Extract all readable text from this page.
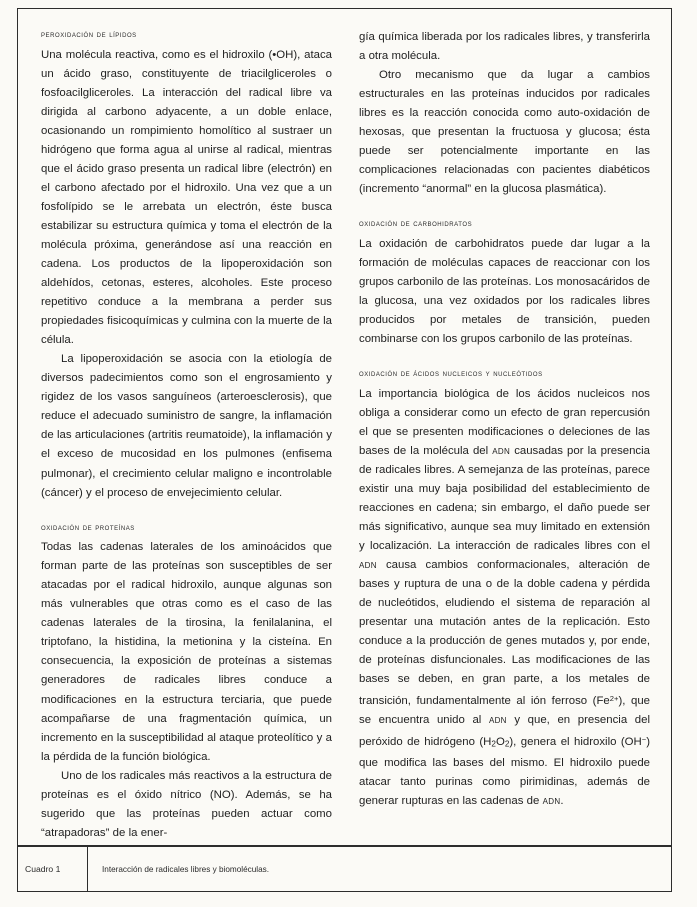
peroxidación de lípidos

Una molécula reactiva, como es el hidroxilo (•OH), ataca un ácido graso, constituyente de triacilgliceroles o fosfoacilgliceroles. La interacción del radical libre va dirigida al carbono adyacente, a un doble enlace, ocasionando un rompimiento homolítico al sustraer un hidrógeno que forma agua al unirse al radical, mientras que el ácido graso presenta un radical libre (electrón) en el carbono afectado por el hidroxilo. Una vez que a un fosfolípido se le arrebata un electrón, éste busca estabilizar su estructura química y toma el electrón de la molécula próxima, generándose así una reacción en cadena. Los productos de la lipoperoxidación son aldehídos, cetonas, esteres, alcoholes. Este proceso repetitivo conduce a la membrana a perder sus propiedades fisicoquímicas y culmina con la muerte de la célula.

La lipoperoxidación se asocia con la etiología de diversos padecimientos como son el engrosamiento y rigidez de los vasos sanguíneos (arteroesclerosis), que reduce el adecuado suministro de sangre, la inflamación de las articulaciones (artritis reumatoide), la inflamación y el exceso de mucosidad en los pulmones (enfisema pulmonar), el crecimiento celular maligno e incontrolable (cáncer) y el proceso de envejecimiento celular.

oxidación de proteínas

Todas las cadenas laterales de los aminoácidos que forman parte de las proteínas son susceptibles de ser atacadas por el radical hidroxilo, aunque algunas son más vulnerables que otras como es el caso de las cadenas laterales de la tirosina, la fenilalanina, el triptofano, la histidina, la metionina y la cisteína. En consecuencia, la exposición de proteínas a sistemas generadores de radicales libres conduce a modificaciones en la estructura terciaria, que puede acompañarse de una fragmentación química, un incremento en la susceptibilidad al ataque proteolítico y a la pérdida de la función biológica.

Uno de los radicales más reactivos a la estructura de proteínas es el óxido nítrico (NO). Además, se ha sugerido que las proteínas pueden actuar como “atrapadoras” de la ener-

gía química liberada por los radicales libres, y transferirla a otra molécula.

Otro mecanismo que da lugar a cambios estructurales en las proteínas inducidos por radicales libres es la reacción conocida como auto-oxidación de hexosas, que presentan la fructuosa y glucosa; ésta puede ser potencialmente importante en las complicaciones relacionadas con pacientes diabéticos (incremento “anormal” en la glucosa plasmática).

oxidación de carbohidratos

La oxidación de carbohidratos puede dar lugar a la formación de moléculas capaces de reaccionar con los grupos carbonilo de las proteínas. Los monosacáridos de la glucosa, una vez oxidados por los radicales libres producidos por metales de transición, pueden combinarse con los grupos carbonilo de las proteínas.

oxidación de ácidos nucleicos y nucleótidos

La importancia biológica de los ácidos nucleicos nos obliga a considerar como un efecto de gran repercusión el que se presenten modificaciones o deleciones de las bases de la molécula del adn causadas por la presencia de radicales libres. A semejanza de las proteínas, parece existir una muy baja posibilidad del establecimiento de reacciones en cadena; sin embargo, el daño puede ser más significativo, aunque sea muy limitado en extensión y localización. La interacción de radicales libres con el adn causa cambios conformacionales, alteración de bases y ruptura de una o de la doble cadena y pérdida de nucleótidos, eludiendo el sistema de reparación al presentar una mutación antes de la replicación. Esto conduce a la producción de genes mutados y, por ende, de proteínas disfuncionales. Las modificaciones de las bases se deben, en gran parte, a los metales de transición, fundamentalmente al ión ferroso $(Fe^{2+})$, que se encuentra unido al adn y que, en presencia del peróxido de hidrógeno $(H_2O_2)$, genera el hidroxilo (OH−) que modifica las bases del mismo. El hidroxilo puede atacar tanto purinas como pirimidinas, además de generar rupturas en las cadenas de adn.

Cuadro 1	Interacción de radicales libres y biomoléculas.
